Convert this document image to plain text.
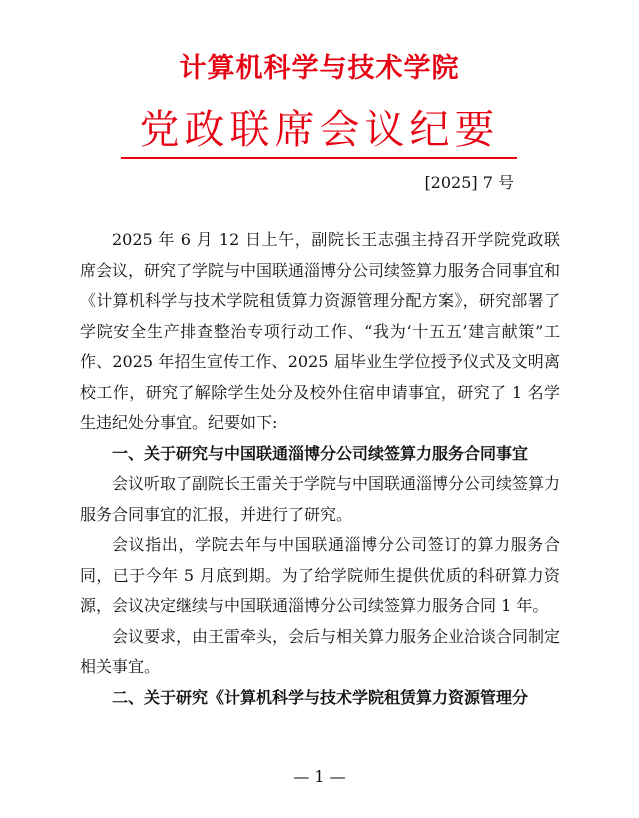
计算机科学与技术学院
党政联席会议纪要
[2025] 7 号

2025 年 6 月 12 日上午，副院长王志强主持召开学院党政联席会议，研究了学院与中国联通淄博分公司续签算力服务合同事宜和《计算机科学与技术学院租赁算力资源管理分配方案》，研究部署了学院安全生产排查整治专项行动工作、“我为‘十五五’建言献策”工作、2025 年招生宣传工作、2025 届毕业生学位授予仪式及文明离校工作，研究了解除学生处分及校外住宿申请事宜，研究了 1 名学生违纪处分事宜。纪要如下:

一、关于研究与中国联通淄博分公司续签算力服务合同事宜

会议听取了副院长王雷关于学院与中国联通淄博分公司续签算力服务合同事宜的汇报，并进行了研究。

会议指出，学院去年与中国联通淄博分公司签订的算力服务合同，已于今年 5 月底到期。为了给学院师生提供优质的科研算力资源，会议决定继续与中国联通淄博分公司续签算力服务合同 1 年。

会议要求，由王雷牵头，会后与相关算力服务企业洽谈合同制定相关事宜。

二、关于研究《计算机科学与技术学院租赁算力资源管理分

— 1 —
